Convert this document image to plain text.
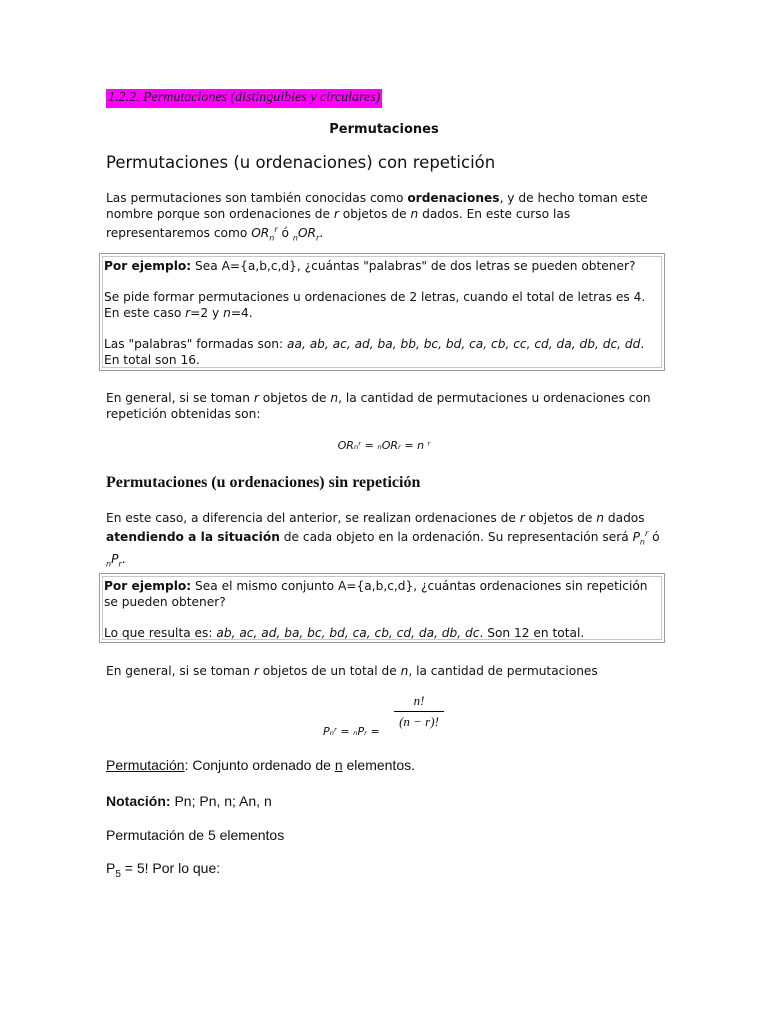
1.2.2. Permutaciones (distinguibles y circulares)
Permutaciones
Permutaciones (u ordenaciones) con repetición
Las permutaciones son también conocidas como ordenaciones, y de hecho toman este nombre porque son ordenaciones de r objetos de n dados. En este curso las representaremos como $OR_n^r$ ó $_nOR_r$.

Por ejemplo: Sea A={a,b,c,d}, ¿cuántas "palabras" de dos letras se pueden obtener?

Se pide formar permutaciones u ordenaciones de 2 letras, cuando el total de letras es 4. En este caso r=2 y n=4.

Las "palabras" formadas son: aa, ab, ac, ad, ba, bb, bc, bd, ca, cb, cc, cd, da, db, dc, dd. En total son 16.

En general, si se toman r objetos de n, la cantidad de permutaciones u ordenaciones con repetición obtenidas son:
ORₙʳ = ₙORᵣ = n ʳ
Permutaciones (u ordenaciones) sin repetición
En este caso, a diferencia del anterior, se realizan ordenaciones de r objetos de n dados atendiendo a la situación de cada objeto en la ordenación. Su representación será $P_n^r$ ó $_nP_r$.

Por ejemplo: Sea el mismo conjunto A={a,b,c,d}, ¿cuántas ordenaciones sin repetición se pueden obtener?

Lo que resulta es: ab, ac, ad, ba, bc, bd, ca, cb, cd, da, db, dc. Son 12 en total.

En general, si se toman r objetos de un total de n, la cantidad de permutaciones
Pₙʳ = ₙPᵣ =
n!
(n − r)!
Permutación: Conjunto ordenado de n elementos.
Notación: Pn; Pn, n; An, n
Permutación de 5 elementos
$P_5 = 5$! Por lo que:
